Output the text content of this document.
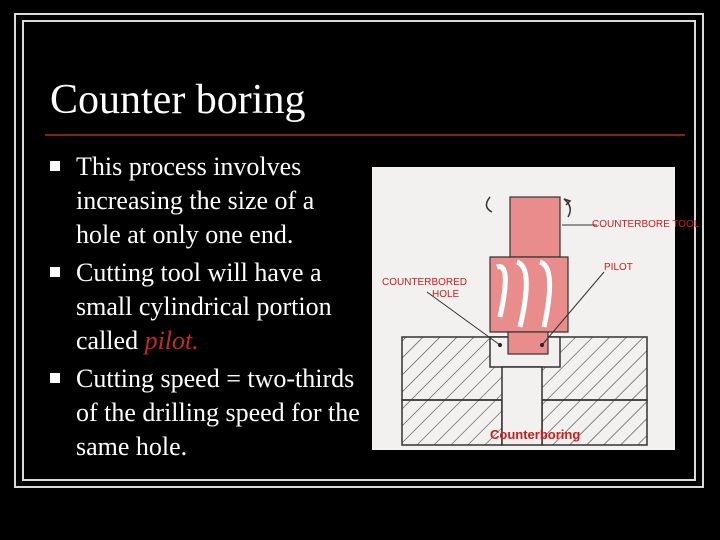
Counter boring
This process involves increasing the size of a hole at only one end.
Cutting tool will have a small cylindrical portion called pilot.
Cutting speed = two-thirds of the drilling speed for the same hole.
COUNTERBORE TOOL
PILOT
COUNTERBORED
HOLE
Counterboring
